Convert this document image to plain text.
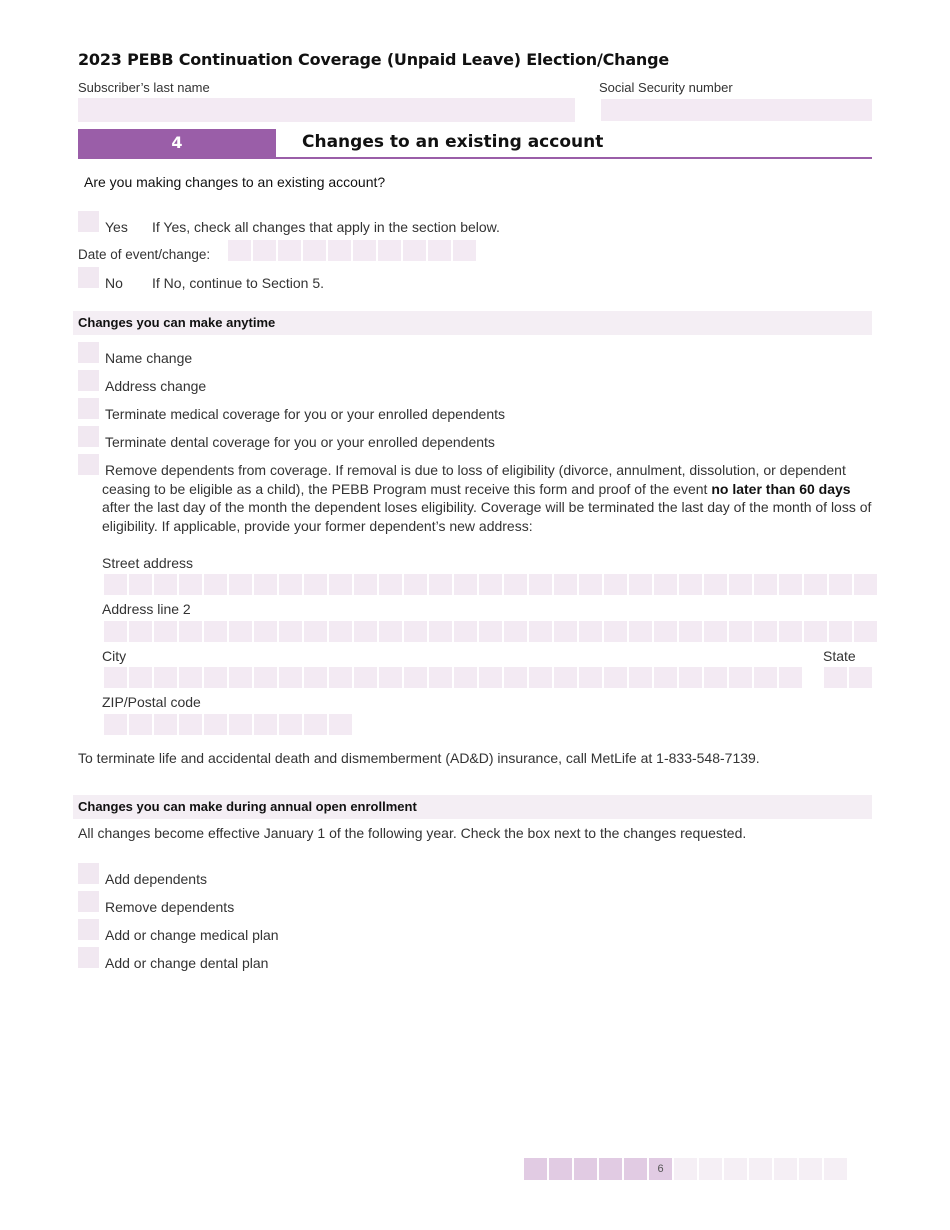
2023 PEBB Continuation Coverage (Unpaid Leave) Election/Change
Subscriber’s last name	Social Security number
4	Changes to an existing account
Are you making changes to an existing account?
Yes If Yes, check all changes that apply in the section below.
Date of event/change:
No If No, continue to Section 5.
Changes you can make anytime
Name change
Address change
Terminate medical coverage for you or your enrolled dependents
Terminate dental coverage for you or your enrolled dependents
Remove dependents from coverage. If removal is due to loss of eligibility (divorce, annulment, dissolution, or dependent ceasing to be eligible as a child), the PEBB Program must receive this form and proof of the event no later than 60 days after the last day of the month the dependent loses eligibility. Coverage will be terminated the last day of the month of loss of eligibility. If applicable, provide your former dependent’s new address:
Street address
Address line 2
City	State
ZIP/Postal code
To terminate life and accidental death and dismemberment (AD&D) insurance, call MetLife at 1-833-548-7139.
Changes you can make during annual open enrollment
All changes become effective January 1 of the following year. Check the box next to the changes requested.
Add dependents
Remove dependents
Add or change medical plan
Add or change dental plan
6
